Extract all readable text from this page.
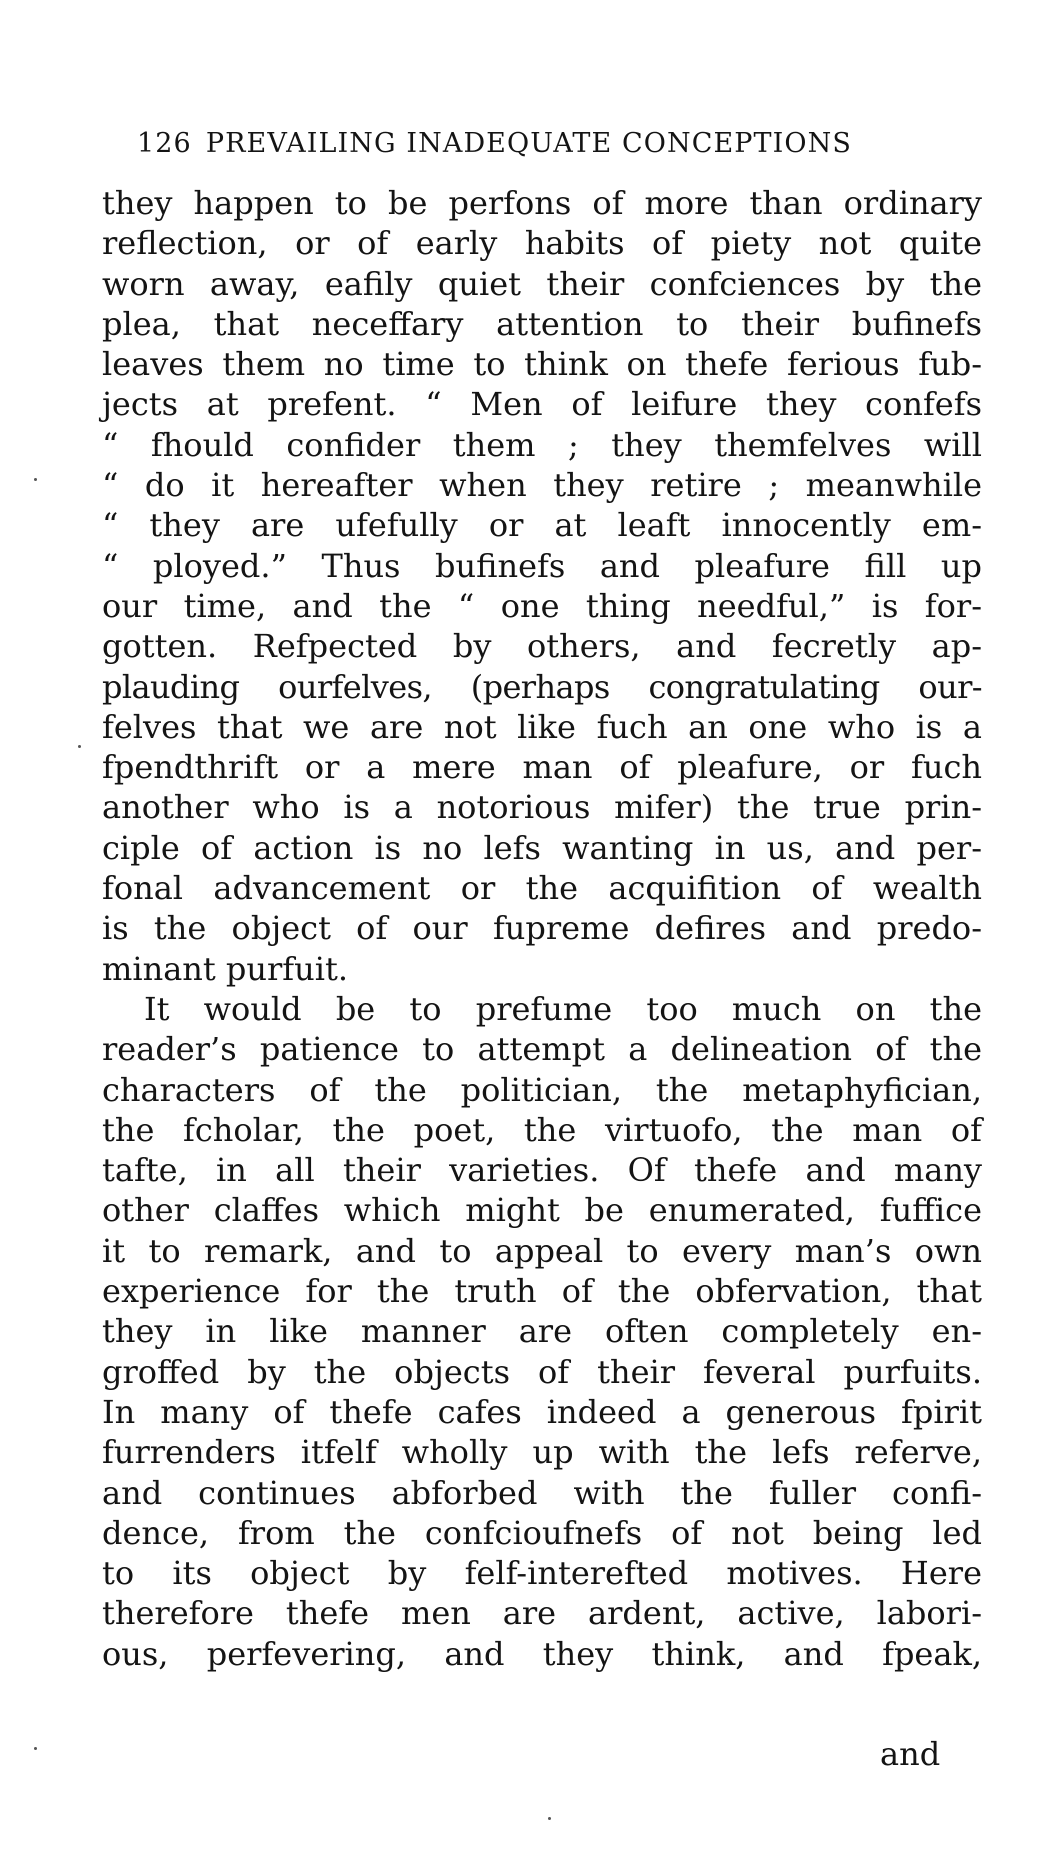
126 PREVAILING INADEQUATE CONCEPTIONS
they happen to be perfons of more than ordinary
reflection, or of early habits of piety not quite
worn away, eafily quiet their confciences by the
plea, that neceffary attention to their bufinefs
leaves them no time to think on thefe ferious fub-
jects at prefent. “ Men of leifure they confefs
“ fhould confider them ; they themfelves will
“ do it hereafter when they retire ; meanwhile
“ they are ufefully or at leaft innocently em-
“ ployed.” Thus bufinefs and pleafure fill up
our time, and the “ one thing needful,” is for-
gotten. Refpected by others, and fecretly ap-
plauding ourfelves, (perhaps congratulating our-
felves that we are not like fuch an one who is a
fpendthrift or a mere man of pleafure, or fuch
another who is a notorious mifer) the true prin-
ciple of action is no lefs wanting in us, and per-
fonal advancement or the acquifition of wealth
is the object of our fupreme defires and predo-
minant purfuit.
It would be to prefume too much on the
reader’s patience to attempt a delineation of the
characters of the politician, the metaphyfician,
the fcholar, the poet, the virtuofo, the man of
tafte, in all their varieties. Of thefe and many
other claffes which might be enumerated, fuffice
it to remark, and to appeal to every man’s own
experience for the truth of the obfervation, that
they in like manner are often completely en-
groffed by the objects of their feveral purfuits.
In many of thefe cafes indeed a generous fpirit
furrenders itfelf wholly up with the lefs referve,
and continues abforbed with the fuller confi-
dence, from the confcioufnefs of not being led
to its object by felf-interefted motives. Here
therefore thefe men are ardent, active, labori-
ous, perfevering, and they think, and fpeak,
and
